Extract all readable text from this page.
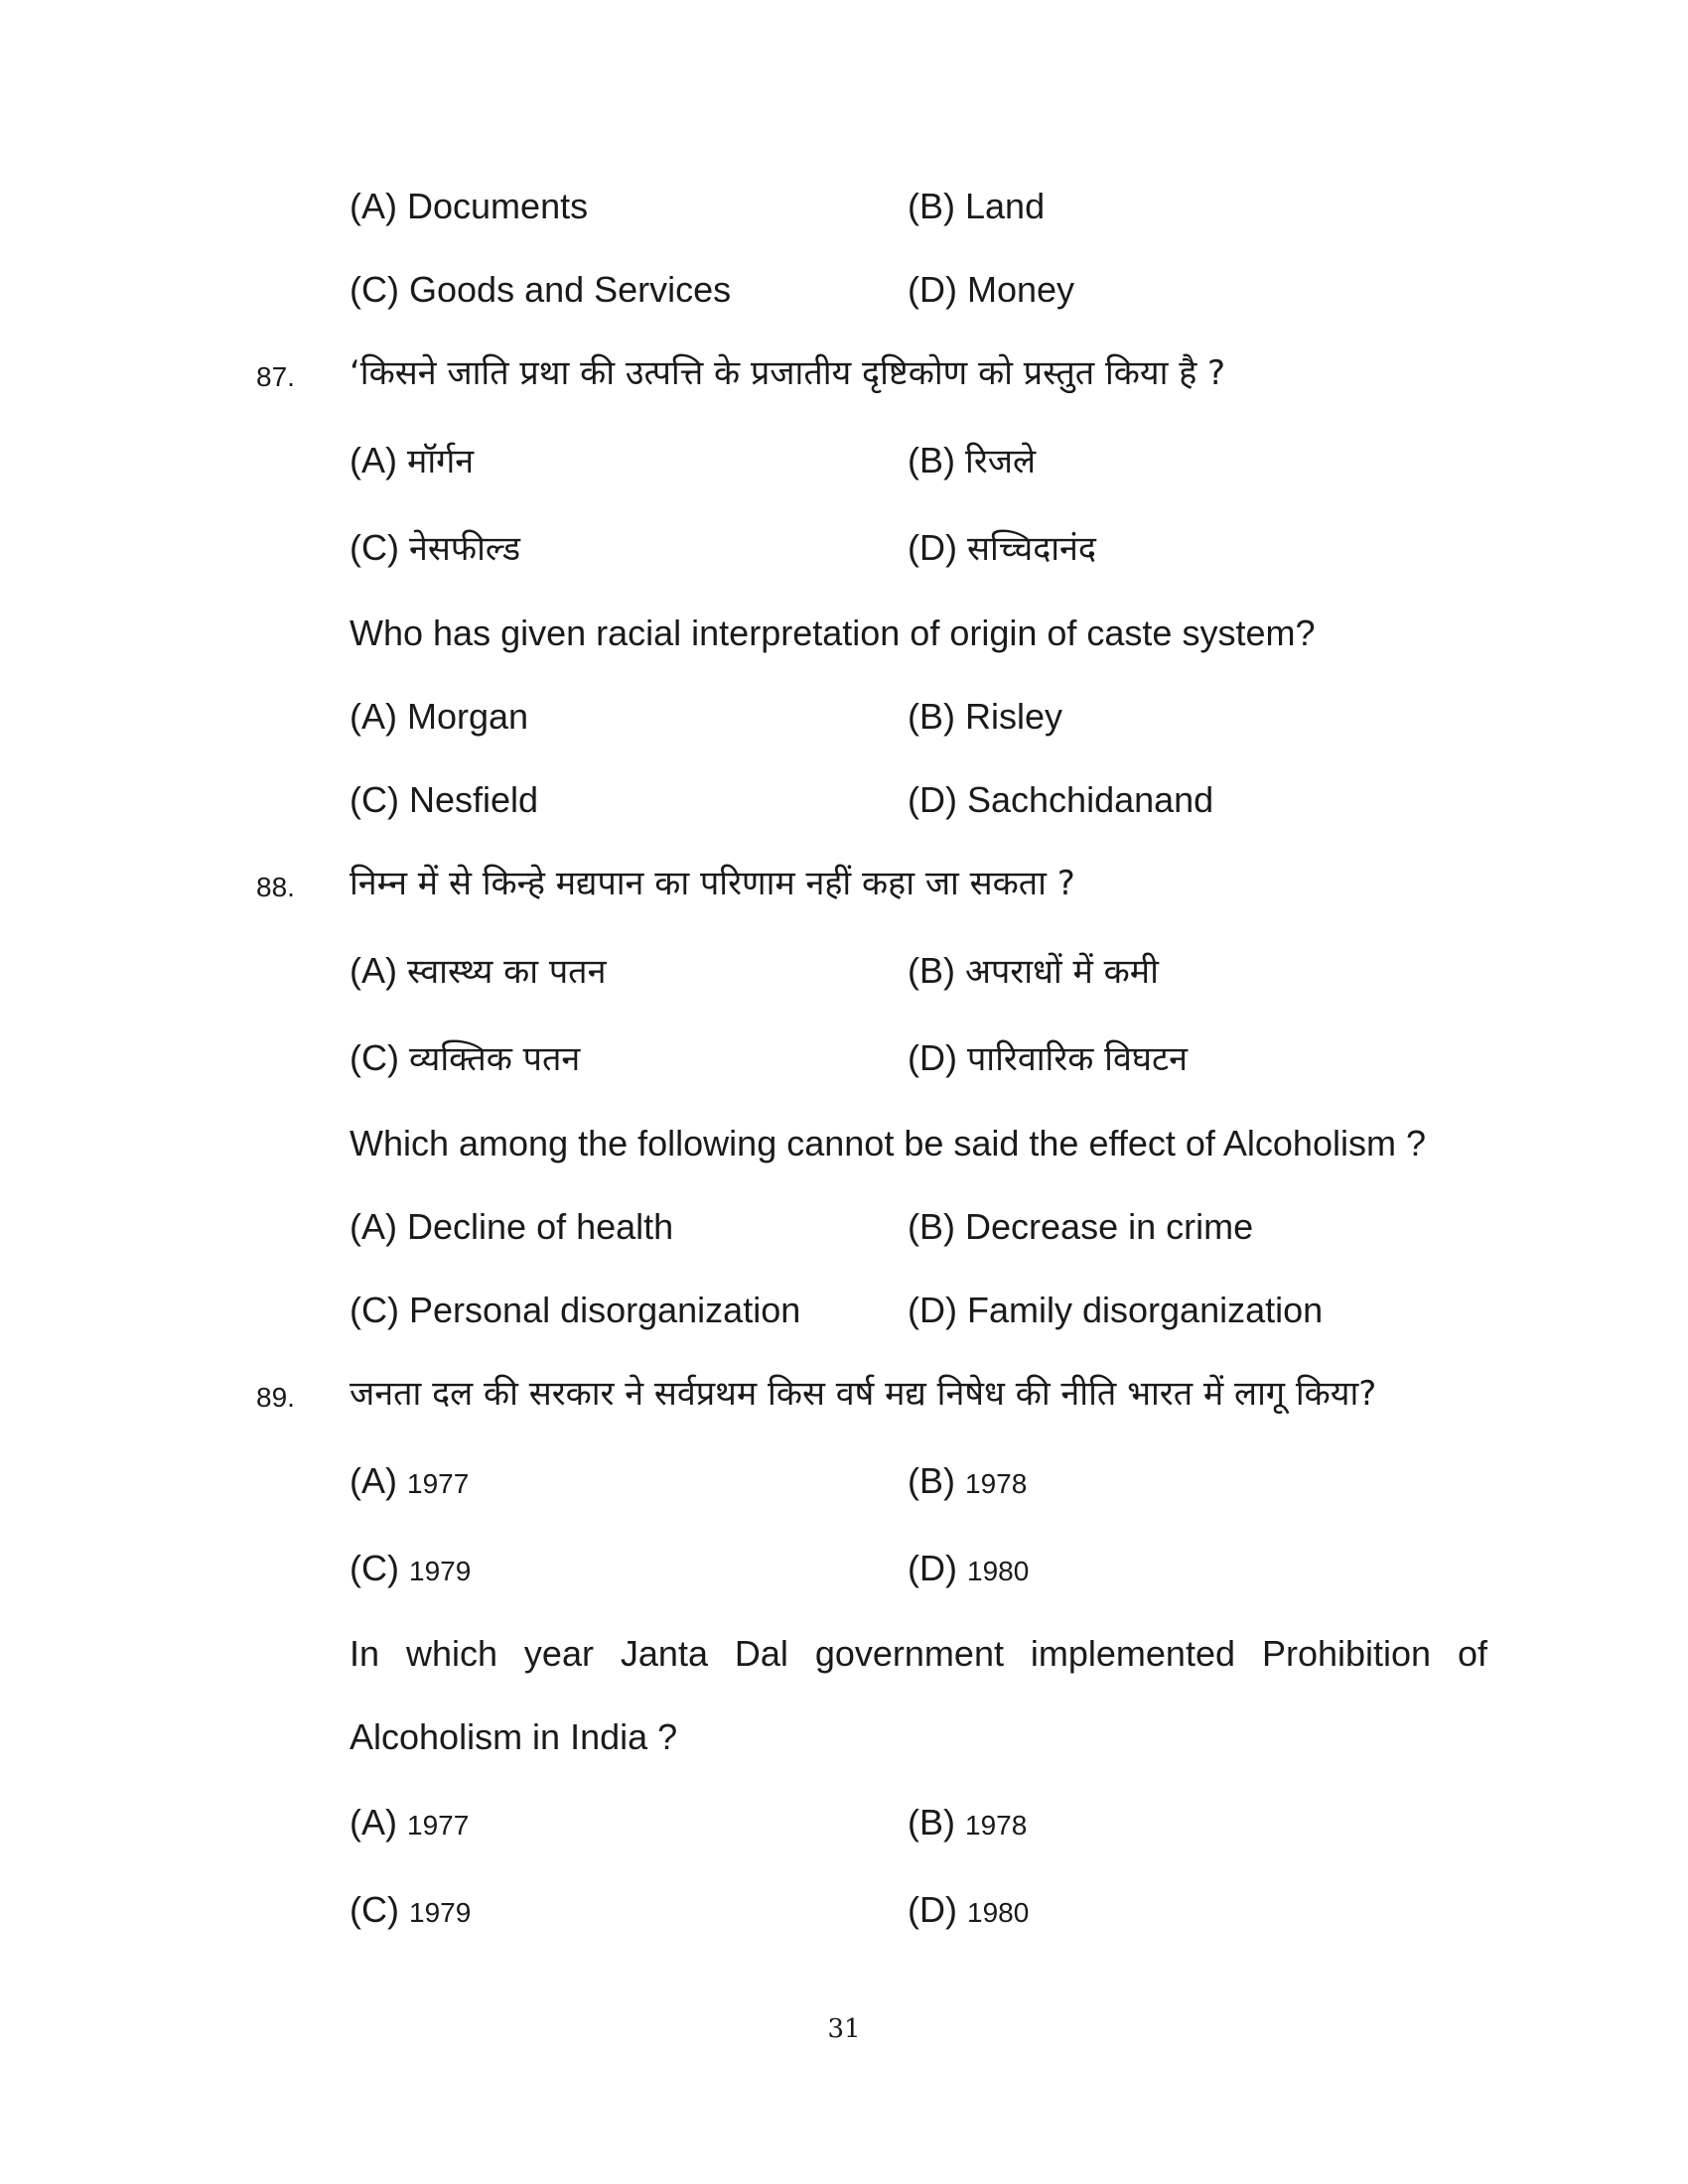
(A) Documents	(B) Land
(C) Goods and Services	(D) Money
87. ‘किसने जाति प्रथा की उत्पत्ति के प्रजातीय दृष्टिकोण को प्रस्तुत किया है ?
(A) मॉर्गन	(B) रिजले
(C) नेसफील्ड	(D) सच्चिदानंद
Who has given racial interpretation of origin of caste system?
(A) Morgan	(B) Risley
(C) Nesfield	(D) Sachchidanand
88. निम्न में से किन्हे मद्यपान का परिणाम नहीं कहा जा सकता ?
(A) स्वास्थ्य का पतन	(B) अपराधों में कमी
(C) व्यक्तिक पतन	(D) पारिवारिक विघटन
Which among the following cannot be said the effect of Alcoholism ?
(A) Decline of health	(B) Decrease in crime
(C) Personal disorganization	(D) Family disorganization
89. जनता दल की सरकार ने सर्वप्रथम किस वर्ष मद्य निषेध की नीति भारत में लागू किया?
(A) 1977	(B) 1978
(C) 1979	(D) 1980
In which year Janta Dal government implemented Prohibition of
Alcoholism in India ?
(A) 1977	(B) 1978
(C) 1979	(D) 1980
31
